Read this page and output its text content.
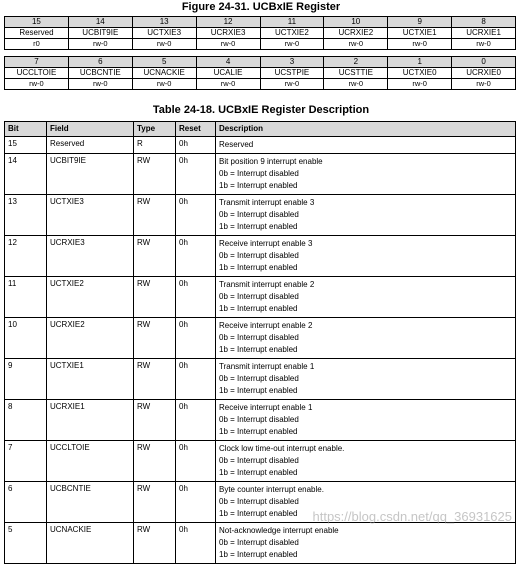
Figure 24-31. UCBxIE Register
15	14	13	12	11	10	9	8
Reserved	UCBIT9IE	UCTXIE3	UCRXIE3	UCTXIE2	UCRXIE2	UCTXIE1	UCRXIE1
r0	rw-0	rw-0	rw-0	rw-0	rw-0	rw-0	rw-0
7	6	5	4	3	2	1	0
UCCLTOIE	UCBCNTIE	UCNACKIE	UCALIE	UCSTPIE	UCSTTIE	UCTXIE0	UCRXIE0
rw-0	rw-0	rw-0	rw-0	rw-0	rw-0	rw-0	rw-0
Table 24-18. UCBxIE Register Description
Bit	Field	Type	Reset	Description
15	Reserved	R	0h	Reserved

14	UCBIT9IE	RW	0h	Bit position 9 interrupt enable
0b = Interrupt disabled
1b = Interrupt enabled

13	UCTXIE3	RW	0h	Transmit interrupt enable 3
0b = Interrupt disabled
1b = Interrupt enabled

12	UCRXIE3	RW	0h	Receive interrupt enable 3
0b = Interrupt disabled
1b = Interrupt enabled

11	UCTXIE2	RW	0h	Transmit interrupt enable 2
0b = Interrupt disabled
1b = Interrupt enabled

10	UCRXIE2	RW	0h	Receive interrupt enable 2
0b = Interrupt disabled
1b = Interrupt enabled

9	UCTXIE1	RW	0h	Transmit interrupt enable 1
0b = Interrupt disabled
1b = Interrupt enabled

8	UCRXIE1	RW	0h	Receive interrupt enable 1
0b = Interrupt disabled
1b = Interrupt enabled

7	UCCLTOIE	RW	0h	Clock low time-out interrupt enable.
0b = Interrupt disabled
1b = Interrupt enabled

6	UCBCNTIE	RW	0h	Byte counter interrupt enable.
0b = Interrupt disabled
1b = Interrupt enabled

5	UCNACKIE	RW	0h	Not-acknowledge interrupt enable
0b = Interrupt disabled
1b = Interrupt enabled
https://blog.csdn.net/qq_36931625
